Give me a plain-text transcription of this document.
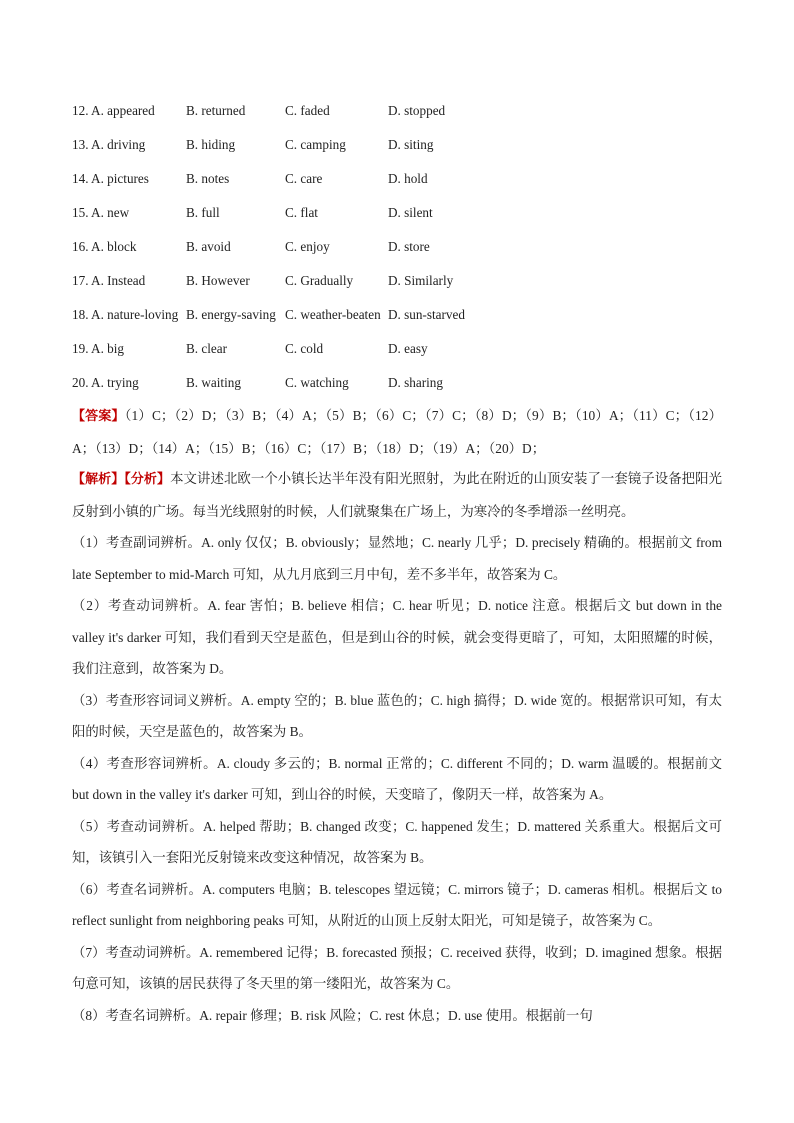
12. A. appeared B. returned	C. faded	D. stopped
13. A. driving	B. hiding	C. camping	D. siting
14. A. pictures	B. notes	C. care	D. hold
15. A. new	B. full	C. flat	D. silent
16. A. block	B. avoid	C. enjoy	D. store
17. A. Instead	B. However	C. Gradually	D. Similarly
18. A. nature-loving B. energy-saving C. weather-beaten D. sun-starved
19. A. big	B. clear	C. cold	D. easy
20. A. trying	B. waiting	C. watching	D. sharing

【答案】（1）C；（2）D；（3）B；（4）A；（5）B；（6）C；（7）C；（8）D；（9）B；（10）A；（11）C；（12）A；（13）D；（14）A；（15）B；（16）C；（17）B；（18）D；（19）A；（20）D；

【解析】【分析】本文讲述北欧一个小镇长达半年没有阳光照射，为此在附近的山顶安装了一套镜子设备把阳光反射到小镇的广场。每当光线照射的时候，人们就聚集在广场上，为寒冷的冬季增添一丝明亮。

（1）考查副词辨析。A. only 仅仅；B. obviously；显然地；C. nearly 几乎；D. precisely 精确的。根据前文 from late September to mid-March 可知，从九月底到三月中旬，差不多半年，故答案为 C。

（2）考查动词辨析。A. fear 害怕；B. believe 相信；C. hear 听见；D. notice 注意。根据后文 but down in the valley it's darker 可知，我们看到天空是蓝色，但是到山谷的时候，就会变得更暗了，可知，太阳照耀的时候，我们注意到，故答案为 D。

（3）考查形容词词义辨析。A. empty 空的；B. blue 蓝色的；C. high 搞得；D. wide 宽的。根据常识可知，有太阳的时候，天空是蓝色的，故答案为 B。

（4）考查形容词辨析。A. cloudy 多云的；B. normal 正常的；C. different 不同的；D. warm 温暖的。根据前文 but down in the valley it's darker 可知，到山谷的时候，天变暗了，像阴天一样，故答案为 A。

（5）考查动词辨析。A. helped 帮助；B. changed 改变；C. happened 发生；D. mattered 关系重大。根据后文可知，该镇引入一套阳光反射镜来改变这种情况，故答案为 B。

（6）考查名词辨析。A. computers 电脑；B. telescopes 望远镜；C. mirrors 镜子；D. cameras 相机。根据后文 to reflect sunlight from neighboring peaks 可知，从附近的山顶上反射太阳光，可知是镜子，故答案为 C。

（7）考查动词辨析。A. remembered 记得；B. forecasted 预报；C. received 获得，收到；D. imagined 想象。根据句意可知，该镇的居民获得了冬天里的第一缕阳光，故答案为 C。

（8）考查名词辨析。A. repair 修理；B. risk 风险；C. rest 休息；D. use 使用。根据前一句
